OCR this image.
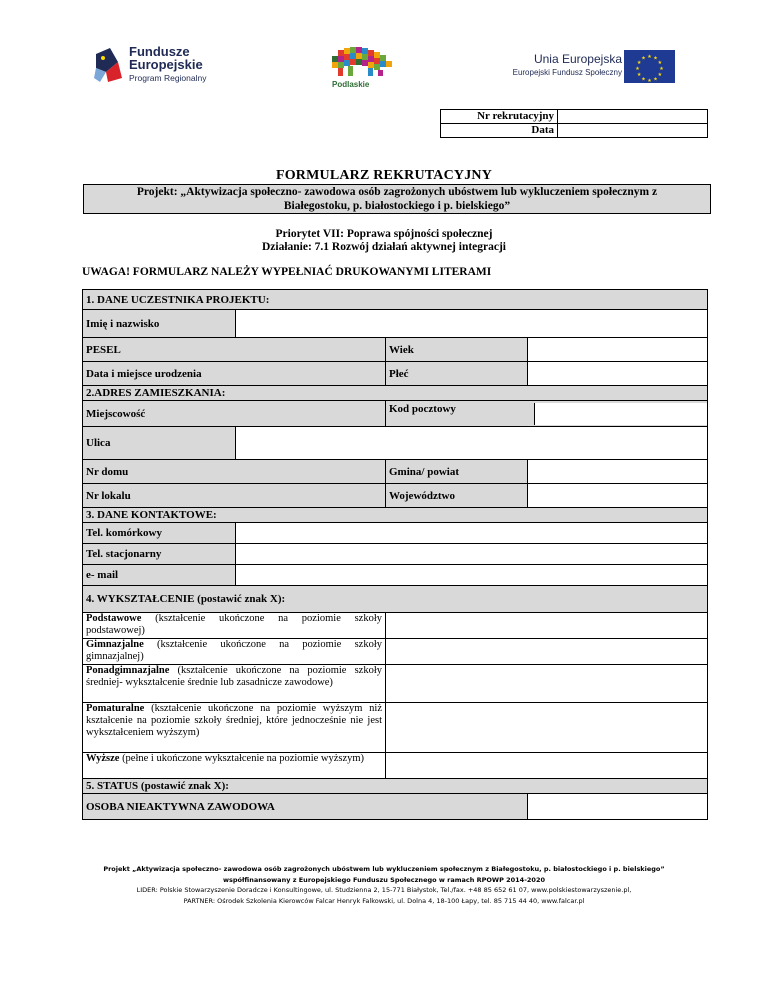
Fundusze
Europejskie
Program Regionalny
Podlaskie
Unia Europejska
Europejski Fundusz Społeczny
★ ★
★
★
★
★
★
★
★
★
★
★
Nr rekrutacyjny	
Data	
FORMULARZ REKRUTACYJNY
Projekt: „Aktywizacja społeczno- zawodowa osób zagrożonych ubóstwem lub wykluczeniem społecznym z
Białegostoku, p. białostockiego i p. bielskiego”
Priorytet VII: Poprawa spójności społecznej
Działanie: 7.1 Rozwój działań aktywnej integracji
UWAGA! FORMULARZ NALEŻY WYPEŁNIAĆ DRUKOWANYMI LITERAMI
1. DANE UCZESTNIKA PROJEKTU:			
Imię i nazwisko			
PESEL		Wiek	
Data i miejsce urodzenia		Płeć	
2.ADRES ZAMIESZKANIA:			
Miejscowość		Kod pocztowy	

Ulica			
Nr domu		Gmina/ powiat	
Nr lokalu		Województwo	
3. DANE KONTAKTOWE:			
Tel. komórkowy			
Tel. stacjonarny			
e- mail			
4. WYKSZTAŁCENIE (postawić znak X):			
Podstawowe (kształcenie ukończone na poziomie szkoły podstawowej)			
Gimnazjalne (kształcenie ukończone na poziomie szkoły gimnazjalnej)			
Ponadgimnazjalne (kształcenie ukończone na poziomie szkoły średniej- wykształcenie średnie lub zasadnicze zawodowe)			
Pomaturalne (kształcenie ukończone na poziomie wyższym niż kształcenie na poziomie szkoły średniej, które jednocześnie nie jest wykształceniem wyższym)			
Wyższe (pełne i ukończone wykształcenie na poziomie wyższym)			
5. STATUS (postawić znak X):			
OSOBA NIEAKTYWNA ZAWODOWA			
Projekt „Aktywizacja społeczno- zawodowa osób zagrożonych ubóstwem lub wykluczeniem społecznym z Białegostoku, p. białostockiego i p. bielskiego”
współfinansowany z Europejskiego Funduszu Społecznego w ramach RPOWP 2014-2020
LIDER: Polskie Stowarzyszenie Doradcze i Konsultingowe, ul. Studzienna 2, 15-771 Białystok, Tel./fax. +48 85 652 61 07, www.polskiestowarzyszenie.pl,
PARTNER: Ośrodek Szkolenia Kierowców Falcar Henryk Falkowski, ul. Dolna 4, 18-100 Łapy, tel. 85 715 44 40, www.falcar.pl
